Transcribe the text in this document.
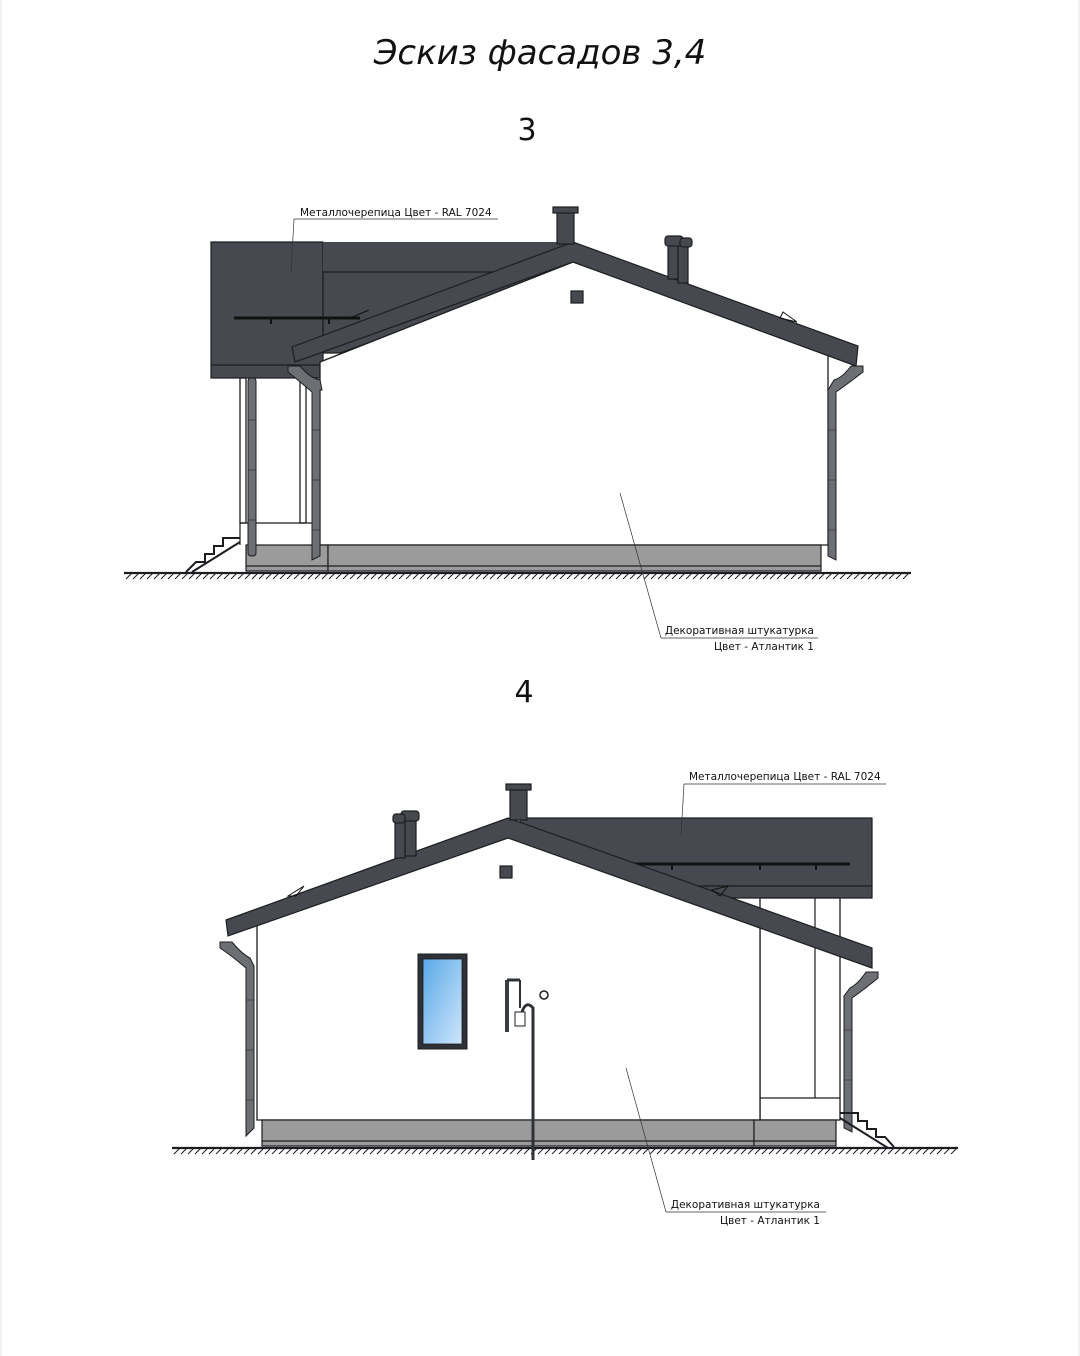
Эскиз фасадов 3,4
3
Металлочерепица Цвет - RAL 7024
Декоративная штукатурка
Цвет - Атлантик 1
4
Металлочерепица Цвет - RAL 7024
Декоративная штукатурка
Цвет - Атлантик 1
